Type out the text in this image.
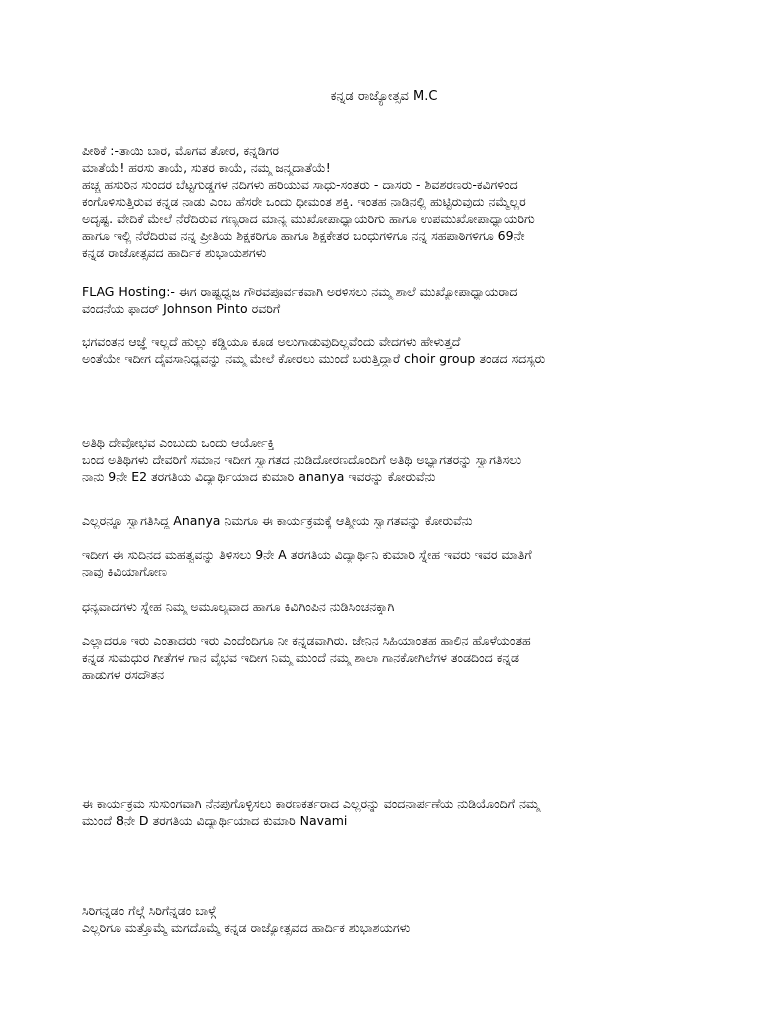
ಕನ್ನಡ ರಾಜ್ಯೋತ್ಸವ M.C
ಪೀಠಿಕೆ :-ತಾಯಿ ಬಾರ, ಮೊಗವ ತೋರ, ಕನ್ನಡಿಗರ
ಮಾತೆಯೆ! ಹರಸು ತಾಯೆ, ಸುತರ ಕಾಯೆ, ನಮ್ಮ ಜನ್ಮದಾತೆಯೆ!
ಹಚ್ಚ ಹಸುರಿನ ಸುಂದರ ಬೆಟ್ಟಗುಡ್ಡಗಳ ನದಿಗಳು ಹರಿಯುವ ಸಾಧು-ಸಂತರು - ದಾಸರು - ಶಿವಶರಣರು-ಕವಿಗಳಿಂದ
ಕಂಗೊಳಿಸುತ್ತಿರುವ ಕನ್ನಡ ನಾಡು ಎಂಬ ಹೆಸರೇ ಒಂದು ಧೀಮಂತ ಶಕ್ತಿ. ಇಂತಹ ನಾಡಿನಲ್ಲಿ ಹುಟ್ಟಿರುವುದು ನಮ್ಮೆಲ್ಲರ
ಅದೃಷ್ಟ. ವೇದಿಕೆ ಮೇಲೆ ನೆರೆದಿರುವ ಗಣ್ಯರಾದ ಮಾನ್ಯ ಮುಖೋಪಾಧ್ಯಾಯರಿಗು ಹಾಗೂ ಉಪಮುಖೋಪಾಧ್ಯಾಯರಿಗು
ಹಾಗೂ ಇಲ್ಲಿ ನೆರೆದಿರುವ ನನ್ನ ಪ್ರೀತಿಯ ಶಿಕ್ಷಕರಿಗೂ ಹಾಗೂ ಶಿಕ್ಷಕೇತರ ಬಂಧುಗಳಿಗೂ ನನ್ನ ಸಹಪಾಠಿಗಳಿಗೂ 69ನೇ
ಕನ್ನಡ ರಾಜೋತ್ಸವದ ಹಾರ್ದಿಕ ಶುಭಾಯಶಗಳು
FLAG Hosting:- ಈಗ ರಾಷ್ಟ್ರಧ್ವಜ ಗೌರವಪೂರ್ವಕವಾಗಿ ಅರಳಿಸಲು ನಮ್ಮ ಶಾಲೆ ಮುಖ್ಯೋಪಾಧ್ಯಾಯರಾದ
ವಂದನೆಯ ಫಾದರ್ Johnson Pinto ರವರಿಗೆ
ಭಗವಂತನ ಆಜ್ಞೆ ಇಲ್ಲದೆ ಹುಲ್ಲು ಕಡ್ಡಿಯೂ ಕೂಡ ಅಲುಗಾಡುವುದಿಲ್ಲವೆಂದು ವೇದಗಳು ಹೇಳುತ್ತದೆ
ಅಂತೆಯೇ ಇದೀಗ ದೈವಸಾನಿಧ್ಯವನ್ನು ನಮ್ಮ ಮೇಲೆ ಕೋರಲು ಮುಂದೆ ಬರುತ್ತಿದ್ದಾರೆ choir group ತಂಡದ ಸದಸ್ಯರು
ಅತಿಥಿ ದೇವೋಭವ ಎಂಬುದು ಒಂದು ಆರ್ಯೋಕ್ತಿ
ಬಂದ ಅತಿಥಿಗಳು ದೇವರಿಗೆ ಸಮಾನ ಇದೀಗ ಸ್ವಾಗತದ ನುಡಿದೋರಣದೊಂದಿಗೆ ಅತಿಥಿ ಅಭ್ಯಾಗತರನ್ನು ಸ್ವಾಗತಿಸಲು
ನಾನು 9ನೇ E2 ತರಗತಿಯ ವಿದ್ಯಾರ್ಥಿಯಾದ ಕುಮಾರಿ ananya ಇವರನ್ನು ಕೋರುವೆನು
ಎಲ್ಲರನ್ನೂ ಸ್ವಾಗತಿಸಿದ್ದ Ananya ನಿಮಗೂ ಈ ಕಾರ್ಯಕ್ರಮಕ್ಕೆ ಆತ್ಮೀಯ ಸ್ವಾಗತವನ್ನು ಕೋರುವೆನು
ಇದೀಗ ಈ ಸುದಿನದ ಮಹತ್ವವನ್ನು ತಿಳಿಸಲು 9ನೇ A ತರಗತಿಯ ವಿದ್ಯಾರ್ಥಿನಿ ಕುಮಾರಿ ಸ್ನೇಹ ಇವರು ಇವರ ಮಾತಿಗೆ
ನಾವು ಕಿವಿಯಾಗೋಣ
ಧನ್ಯವಾದಗಳು ಸ್ನೇಹ ನಿಮ್ಮ ಅಮೂಲ್ಯವಾದ ಹಾಗೂ ಕಿವಿಗಿಂಪಿನ ನುಡಿಸಿಂಚನಕ್ಕಾಗಿ
ಎಲ್ಲಾದರೂ ಇರು ಎಂತಾದರು ಇರು ಎಂದೆಂದಿಗೂ ನೀ ಕನ್ನಡವಾಗಿರು. ಜೇನಿನ ಸಿಹಿಯಾಂತಹ ಹಾಲಿನ ಹೊಳೆಯಂತಹ
ಕನ್ನಡ ಸುಮಧುರ ಗೀತೆಗಳ ಗಾನ ವೈಭವ ಇದೀಗ ನಿಮ್ಮ ಮುಂದೆ ನಮ್ಮ ಶಾಲಾ ಗಾನಕೋಗಿಲೆಗಳ ತಂಡದಿಂದ ಕನ್ನಡ
ಹಾಡುಗಳ ರಸದೌತನ
ಈ ಕಾರ್ಯಕ್ರಮ ಸುಸುಂಗವಾಗಿ ನೆನಪುಗೊಳ್ಳಿಸಲು ಕಾರಣಕರ್ತರಾದ ಎಲ್ಲರನ್ನು ವಂದನಾರ್ಪಣೆಯ ನುಡಿಯೊಂದಿಗೆ ನಮ್ಮ
ಮುಂದೆ 8ನೇ D ತರಗತಿಯ ವಿದ್ಯಾರ್ಥಿಯಾದ ಕುಮಾರಿ Navami
ಸಿರಿಗನ್ನಡಂ ಗೆಲ್ಗೆ ಸಿರಿಗೆನ್ನಡಂ ಬಾಳ್ಗೆ
ಎಲ್ಲರಿಗೂ ಮತ್ತೊಮ್ಮೆ ಮಗದೊಮ್ಮೆ ಕನ್ನಡ ರಾಜ್ಯೋತ್ಸವದ ಹಾರ್ದಿಕ ಶುಭಾಶಯಗಳು
